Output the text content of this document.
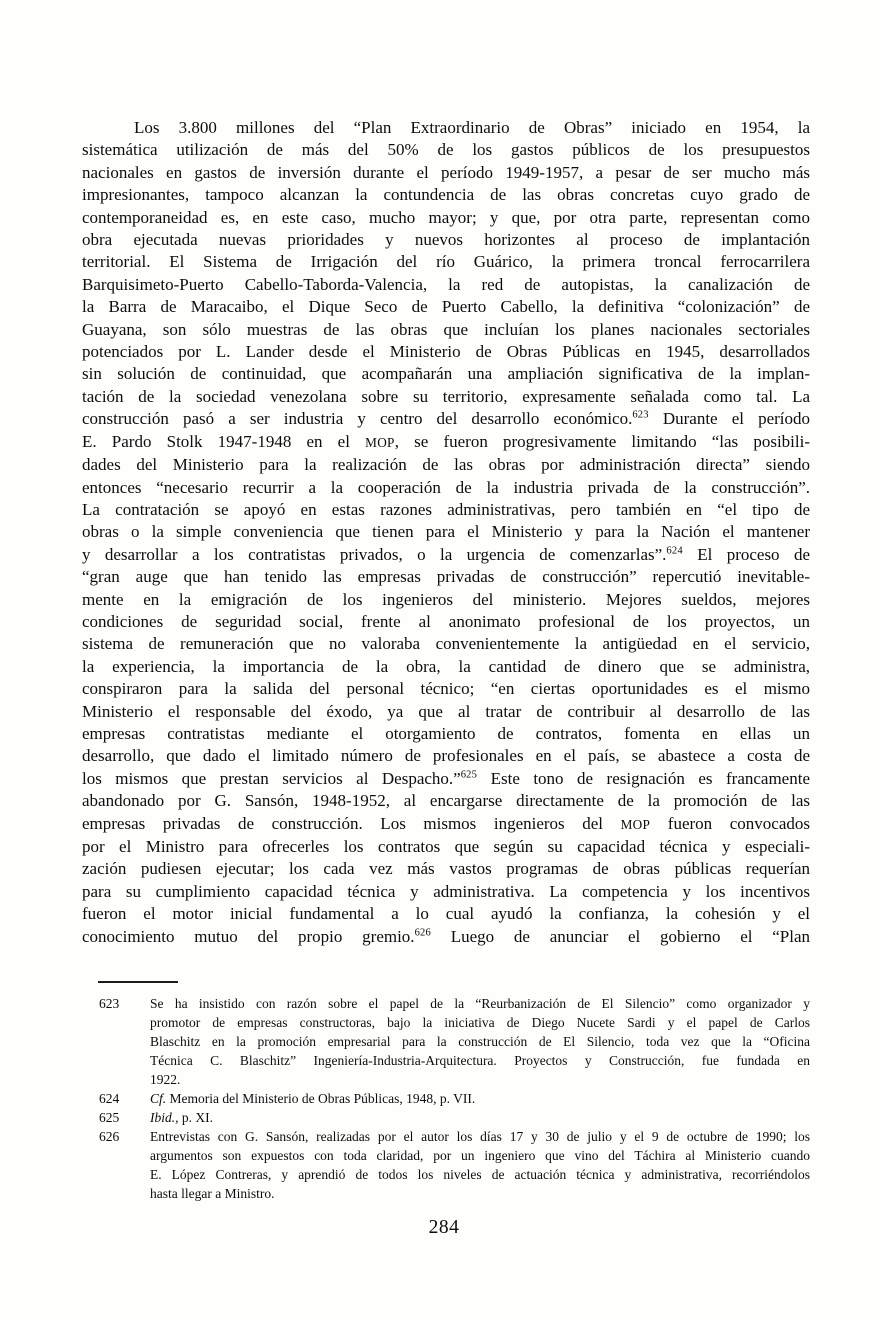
Los 3.800 millones del “Plan Extraordinario de Obras” iniciado en 1954, la
sistemática utilización de más del 50% de los gastos públicos de los presupuestos
nacionales en gastos de inversión durante el período 1949-1957, a pesar de ser mucho más
impresionantes, tampoco alcanzan la contundencia de las obras concretas cuyo grado de
contemporaneidad es, en este caso, mucho mayor; y que, por otra parte, representan como
obra ejecutada nuevas prioridades y nuevos horizontes al proceso de implantación
territorial. El Sistema de Irrigación del río Guárico, la primera troncal ferrocarrilera
Barquisimeto-Puerto Cabello-Taborda-Valencia, la red de autopistas, la canalización de
la Barra de Maracaibo, el Dique Seco de Puerto Cabello, la definitiva “colonización” de
Guayana, son sólo muestras de las obras que incluían los planes nacionales sectoriales
potenciados por L. Lander desde el Ministerio de Obras Públicas en 1945, desarrollados
sin solución de continuidad, que acompañarán una ampliación significativa de la implan-
tación de la sociedad venezolana sobre su territorio, expresamente señalada como tal. La
construcción pasó a ser industria y centro del desarrollo económico.$^{623}$ Durante el período
E. Pardo Stolk 1947-1948 en el MOP, se fueron progresivamente limitando “las posibili-
dades del Ministerio para la realización de las obras por administración directa” siendo
entonces “necesario recurrir a la cooperación de la industria privada de la construcción”.
La contratación se apoyó en estas razones administrativas, pero también en “el tipo de
obras o la simple conveniencia que tienen para el Ministerio y para la Nación el mantener
y desarrollar a los contratistas privados, o la urgencia de comenzarlas”.$^{624}$ El proceso de
“gran auge que han tenido las empresas privadas de construcción” repercutió inevitable-
mente en la emigración de los ingenieros del ministerio. Mejores sueldos, mejores
condiciones de seguridad social, frente al anonimato profesional de los proyectos, un
sistema de remuneración que no valoraba convenientemente la antigüedad en el servicio,
la experiencia, la importancia de la obra, la cantidad de dinero que se administra,
conspiraron para la salida del personal técnico; “en ciertas oportunidades es el mismo
Ministerio el responsable del éxodo, ya que al tratar de contribuir al desarrollo de las
empresas contratistas mediante el otorgamiento de contratos, fomenta en ellas un
desarrollo, que dado el limitado número de profesionales en el país, se abastece a costa de
los mismos que prestan servicios al Despacho.”$^{625}$ Este tono de resignación es francamente
abandonado por G. Sansón, 1948-1952, al encargarse directamente de la promoción de las
empresas privadas de construcción. Los mismos ingenieros del MOP fueron convocados
por el Ministro para ofrecerles los contratos que según su capacidad técnica y especiali-
zación pudiesen ejecutar; los cada vez más vastos programas de obras públicas requerían
para su cumplimiento capacidad técnica y administrativa. La competencia y los incentivos
fueron el motor inicial fundamental a lo cual ayudó la confianza, la cohesión y el
conocimiento mutuo del propio gremio.$^{626}$ Luego de anunciar el gobierno el “Plan
623	Se ha insistido con razón sobre el papel de la “Reurbanización de El Silencio” como organizador y
promotor de empresas constructoras, bajo la iniciativa de Diego Nucete Sardi y el papel de Carlos
Blaschitz en la promoción empresarial para la construcción de El Silencio, toda vez que la “Oficina
Técnica C. Blaschitz” Ingeniería-Industria-Arquitectura. Proyectos y Construcción, fue fundada en
1922.
624	Cf. Memoria del Ministerio de Obras Públicas, 1948, p. VII.
625	Ibid., p. XI.
626	Entrevistas con G. Sansón, realizadas por el autor los días 17 y 30 de julio y el 9 de octubre de 1990; los
argumentos son expuestos con toda claridad, por un ingeniero que vino del Táchira al Ministerio cuando
E. López Contreras, y aprendió de todos los niveles de actuación técnica y administrativa, recorriéndolos
hasta llegar a Ministro.
284
